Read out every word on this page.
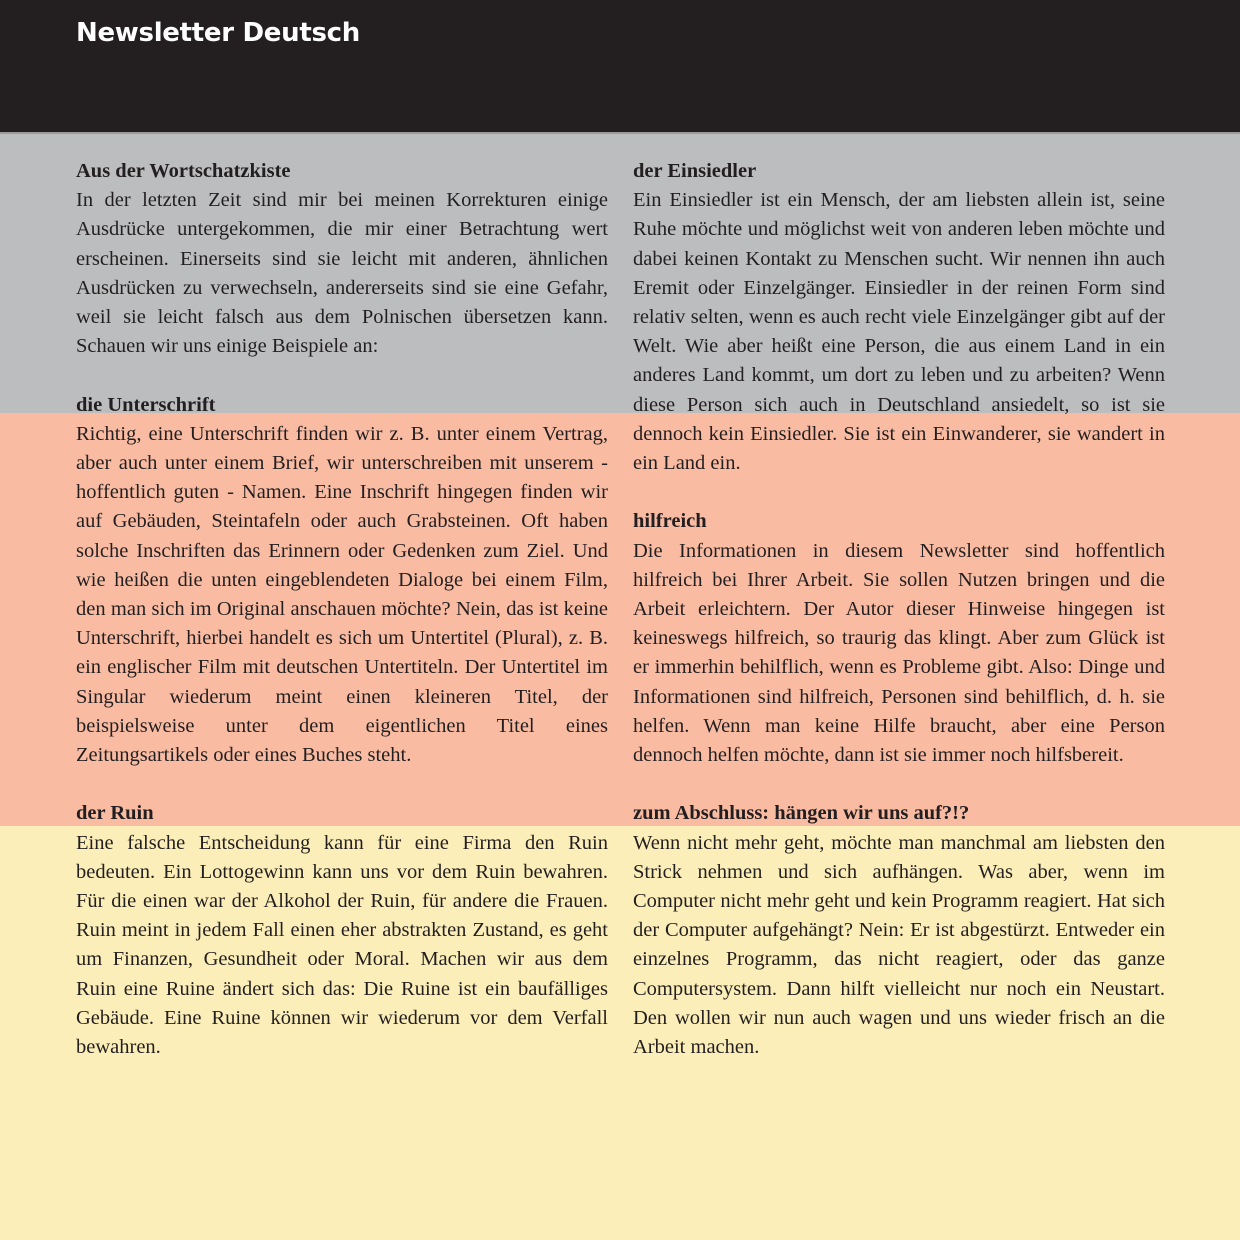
Newsletter Deutsch
Aus der Wortschatzkiste

In der letzten Zeit sind mir bei meinen Korrekturen einige Ausdrücke untergekommen, die mir einer Betrachtung wert erscheinen. Einerseits sind sie leicht mit anderen, ähnlichen Ausdrücken zu verwechseln, andererseits sind sie eine Gefahr, weil sie leicht falsch aus dem Polnischen übersetzen kann. Schauen wir uns einige Beispiele an:

die Unterschrift

Richtig, eine Unterschrift finden wir z. B. unter einem Vertrag, aber auch unter einem Brief, wir unterschreiben mit unserem - hoffentlich guten - Namen. Eine Inschrift hingegen finden wir auf Gebäuden, Steintafeln oder auch Grabsteinen. Oft haben solche Inschriften das Erinnern oder Gedenken zum Ziel. Und wie heißen die unten eingeblendeten Dialoge bei einem Film, den man sich im Original anschauen möchte? Nein, das ist keine Unterschrift, hierbei handelt es sich um Untertitel (Plural), z. B. ein englischer Film mit deutschen Untertiteln. Der Untertitel im Singular wiederum meint einen kleineren Titel, der beispielsweise unter dem eigentlichen Titel eines Zeitungsartikels oder eines Buches steht.

der Ruin

Eine falsche Entscheidung kann für eine Firma den Ruin bedeuten. Ein Lottogewinn kann uns vor dem Ruin bewahren. Für die einen war der Alkohol der Ruin, für andere die Frauen. Ruin meint in jedem Fall einen eher abstrakten Zustand, es geht um Finanzen, Gesundheit oder Moral. Machen wir aus dem Ruin eine Ruine ändert sich das: Die Ruine ist ein baufälliges Gebäude. Eine Ruine können wir wiederum vor dem Verfall bewahren.

der Einsiedler

Ein Einsiedler ist ein Mensch, der am liebsten allein ist, seine Ruhe möchte und möglichst weit von anderen leben möchte und dabei keinen Kontakt zu Menschen sucht. Wir nennen ihn auch Eremit oder Einzelgänger. Einsiedler in der reinen Form sind relativ selten, wenn es auch recht viele Einzelgänger gibt auf der Welt. Wie aber heißt eine Person, die aus einem Land in ein anderes Land kommt, um dort zu leben und zu arbeiten? Wenn diese Person sich auch in Deutschland ansiedelt, so ist sie dennoch kein Einsiedler. Sie ist ein Einwanderer, sie wandert in ein Land ein.

hilfreich

Die Informationen in diesem Newsletter sind hoffentlich hilfreich bei Ihrer Arbeit. Sie sollen Nutzen bringen und die Arbeit erleichtern. Der Autor dieser Hinweise hingegen ist keineswegs hilfreich, so traurig das klingt. Aber zum Glück ist er immerhin behilflich, wenn es Probleme gibt. Also: Dinge und Informationen sind hilfreich, Personen sind behilflich, d. h. sie helfen. Wenn man keine Hilfe braucht, aber eine Person dennoch helfen möchte, dann ist sie immer noch hilfsbereit.

zum Abschluss: hängen wir uns auf?!?

Wenn nicht mehr geht, möchte man manchmal am liebsten den Strick nehmen und sich aufhängen. Was aber, wenn im Computer nicht mehr geht und kein Programm reagiert. Hat sich der Computer aufgehängt? Nein: Er ist abgestürzt. Entweder ein einzelnes Programm, das nicht reagiert, oder das ganze Computersystem. Dann hilft vielleicht nur noch ein Neustart. Den wollen wir nun auch wagen und uns wieder frisch an die Arbeit machen.
